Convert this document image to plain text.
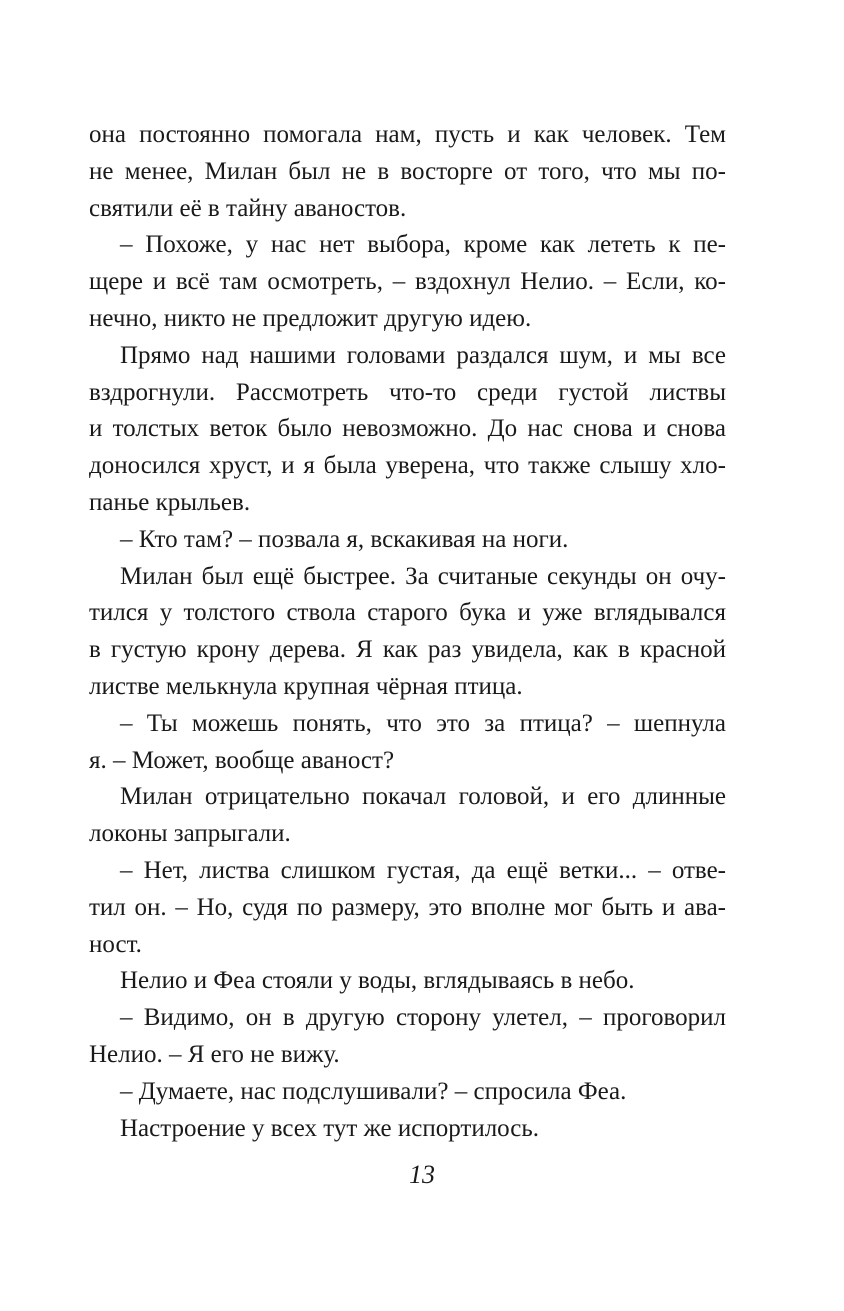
она постоянно помогала нам, пусть и как человек. Тем
не менее, Милан был не в восторге от того, что мы по-
святили её в тайну аваностов.
– Похоже, у нас нет выбора, кроме как лететь к пе-
щере и всё там осмотреть, – вздохнул Нелио. – Если, ко-
нечно, никто не предложит другую идею.
Прямо над нашими головами раздался шум, и мы все
вздрогнули. Рассмотреть что-то среди густой листвы
и толстых веток было невозможно. До нас снова и снова
доносился хруст, и я была уверена, что также слышу хло-
панье крыльев.
– Кто там? – позвала я, вскакивая на ноги.
Милан был ещё быстрее. За считаные секунды он очу-
тился у толстого ствола старого бука и уже вглядывался
в густую крону дерева. Я как раз увидела, как в красной
листве мелькнула крупная чёрная птица.
– Ты можешь понять, что это за птица? – шепнула
я. – Может, вообще аваност?
Милан отрицательно покачал головой, и его длинные
локоны запрыгали.
– Нет, листва слишком густая, да ещё ветки... – отве-
тил он. – Но, судя по размеру, это вполне мог быть и ава-
ност.
Нелио и Феа стояли у воды, вглядываясь в небо.
– Видимо, он в другую сторону улетел, – проговорил
Нелио. – Я его не вижу.
– Думаете, нас подслушивали? – спросила Феа.
Настроение у всех тут же испортилось.
13
